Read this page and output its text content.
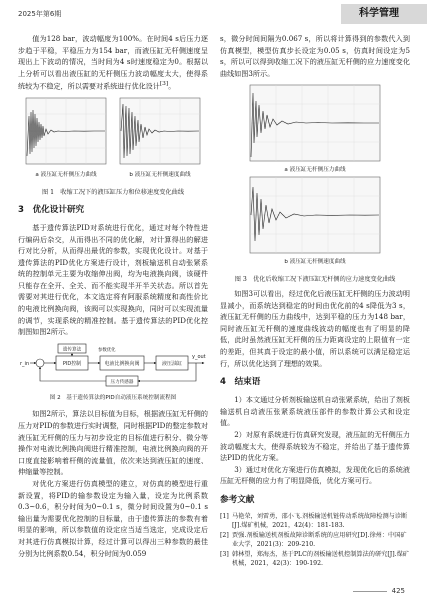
2025年第6期	科学管理

值为128 bar，波动幅度为100%。在时间4 s后压力逐步趋于平稳，平稳压力为154 bar，而液压缸无杆侧速度呈现出上下波动的情况，当时间为4 s时速度稳定为0。根据以上分析可以看出液压缸的无杆侧压力波动幅度太大，使得系统较为不稳定，所以需要对系统进行优化设计[3]。

a 液压缸无杆侧压力曲线	b 液压缸无杆侧速度曲线
图 1　收缩工况下的液压缸压力和位移速度变化曲线
3　优化设计研究

基于遗传算法PID对系统进行优化，通过对每个特性进行编码后杂交，从而得出不同的优化解，对计算得出的解进行对比分析，从而得出最优的参数，实现优化设计。对基于遗传算法的PID优化方案进行设计，剂板输送机自动张紧系统的控制单元主要为收缩伸出阀，均为电液换向阀，该硬件只能存在全开、全关、而不能实现半开半关状态。所以首先需要对其进行优化，本文选定将有阿服系统精度和高性价比的电液比例换向阀，该阀可以实现换向，同时可以实现流量的调节，实现系统的精准控制。基于遗传算法的PID优化控制图如图2所示。

r_in	PID控制	电液比例换向阀	液压油缸
y_out
压力传感器
遗传算法	参数优化
图 2　基于遗传算法的PID自动液压系统控制流程图

如图2所示，算法以目标值为目标，根据液压缸无杆侧的压力对PID的参数进行实时调整，同时根据PID的整定参数对液压缸无杆侧的压力与初步设定的目标值进行积分、微分等操作对电液比例换向阀进行精准控制，电液比例换向阀的开口度直接影响着杆侧的流量值，依次来达到液压缸的速度、伸缩量等控制。

对优化方案进行仿真模型的建立，对仿真的模型进行重新设置，将PID的输参数设定为输入量，设定为比例系数0.3~0.6，积分时间为0~0.1 s，微分时间设置为0~0.1 s输出量为需要优化控制的目标量，由于遗传算法的参数有着明显的影响，所以参数值的设定应当适当选定，完成设定后对其进行仿真模拟计算，经过计算可以得出三种参数的最佳分别为比例系数0.54，积分时间为0.059

s，微分时间间隔为0.067 s，所以将计算得到的参数代入到仿真模型，模型仿真步长设定为0.05 s，仿真时间设定为5 s，所以可以得到收缩工况下的液压缸无杆侧的应力速度变化曲线如图3所示。

a 液压缸无杆侧压力曲线
b 液压缸无杆侧速度曲线
图 3　优化后收缩工况下液压缸无杆侧的应力速度变化曲线

如图3可以看出，经过优化后液压缸无杆侧的压力波动明显减小，而系统达到稳定的时间由优化前的4 s降低为3 s，液压缸无杆侧的压力曲线中，达到平稳的压力为148 bar，同时液压缸无杆侧的速度曲线波动的幅度也有了明显的降低，此时虽然液压缸无杆侧的压力距离设定的上限值有一定的差距，但其真于设定的最小值，所以系统可以满足稳定运行，所以优化达到了理想的效果。

4　结束语

1）本文通过分析剂板输送机自动张紧系统，给出了剂板输送机自动液压张紧系统液压部件的参数计算公式和设定值。

2）对原有系统进行仿真研究发现，液压缸的无杆侧压力波动幅度太大，使得系统较为不稳定，并给出了基于遗传算法PID的优化方案。

3）通过对优化方案进行仿真模拟，发现优化后的系统液压缸无杆侧的应力有了明显降低，优化方案可行。

参考文献
[1] 马艳荣，刘雷勇，邵小飞.剂板输送机链传动系统故障检测与诊断[J].煤矿机械，2021，42(4)：181-183.
[2] 贾强.剂板输送机剂板故障诊断系统的应用研究[D].徐州：中国矿业大学，2021(3)：209-210.
[3] 韩林望，郑海杰，基于PLC的剂板输送机控制算法的研究[J].煤矿机械，2021，42(3)：190-192.
425
